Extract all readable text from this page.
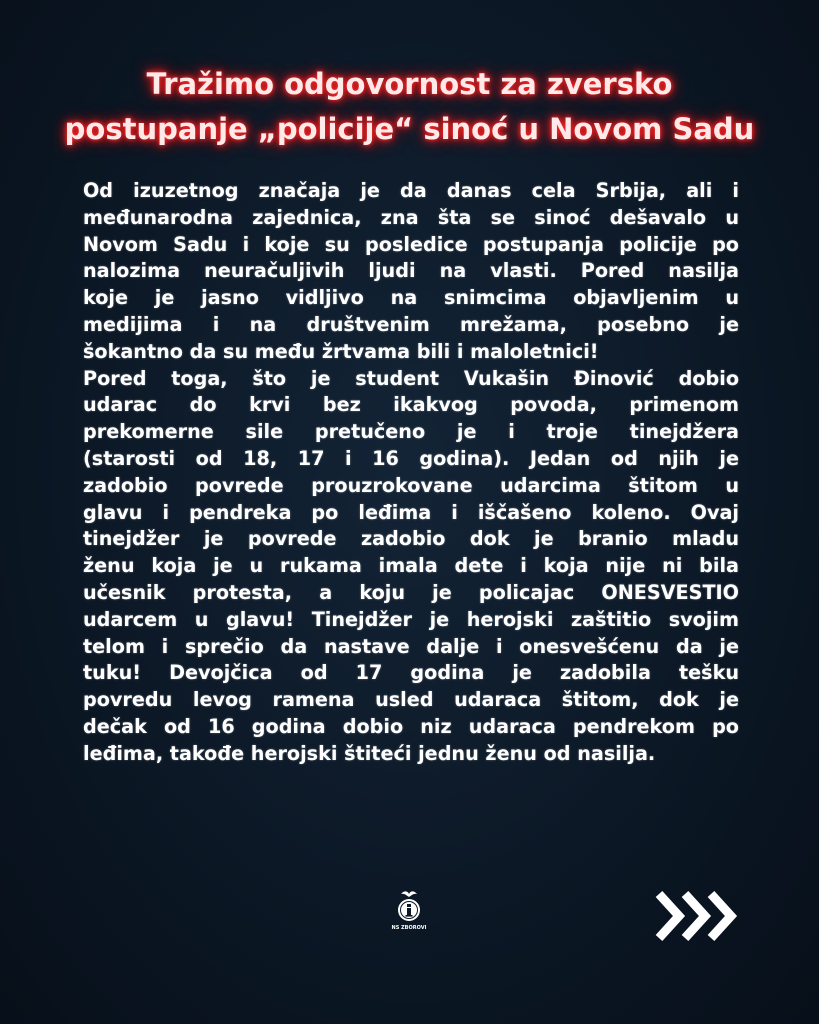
Tražimo odgovornost za zversko
postupanje „policije“ sinoć u Novom Sadu
Od izuzetnog značaja je da danas cela Srbija, ali i
međunarodna zajednica, zna šta se sinoć dešavalo u
Novom Sadu i koje su posledice postupanja policije po
nalozima neuračuljivih ljudi na vlasti. Pored nasilja
koje je jasno vidljivo na snimcima objavljenim u
medijima i na društvenim mrežama, posebno je
šokantno da su među žrtvama bili i maloletnici!
Pored toga, što je student Vukašin Đinović dobio
udarac do krvi bez ikakvog povoda, primenom
prekomerne sile pretučeno je i troje tinejdžera
(starosti od 18, 17 i 16 godina). Jedan od njih je
zadobio povrede prouzrokovane udarcima štitom u
glavu i pendreka po leđima i iščašeno koleno. Ovaj
tinejdžer je povrede zadobio dok je branio mladu
ženu koja je u rukama imala dete i koja nije ni bila
učesnik protesta, a koju je policajac ONESVESTIO
udarcem u glavu! Tinejdžer je herojski zaštitio svojim
telom i sprečio da nastave dalje i onesvešćenu da je
tuku! Devojčica od 17 godina je zadobila tešku
povredu levog ramena usled udaraca štitom, dok je
dečak od 16 godina dobio niz udaraca pendrekom po
leđima, takođe herojski štiteći jednu ženu od nasilja.
NS ZBOROVI
